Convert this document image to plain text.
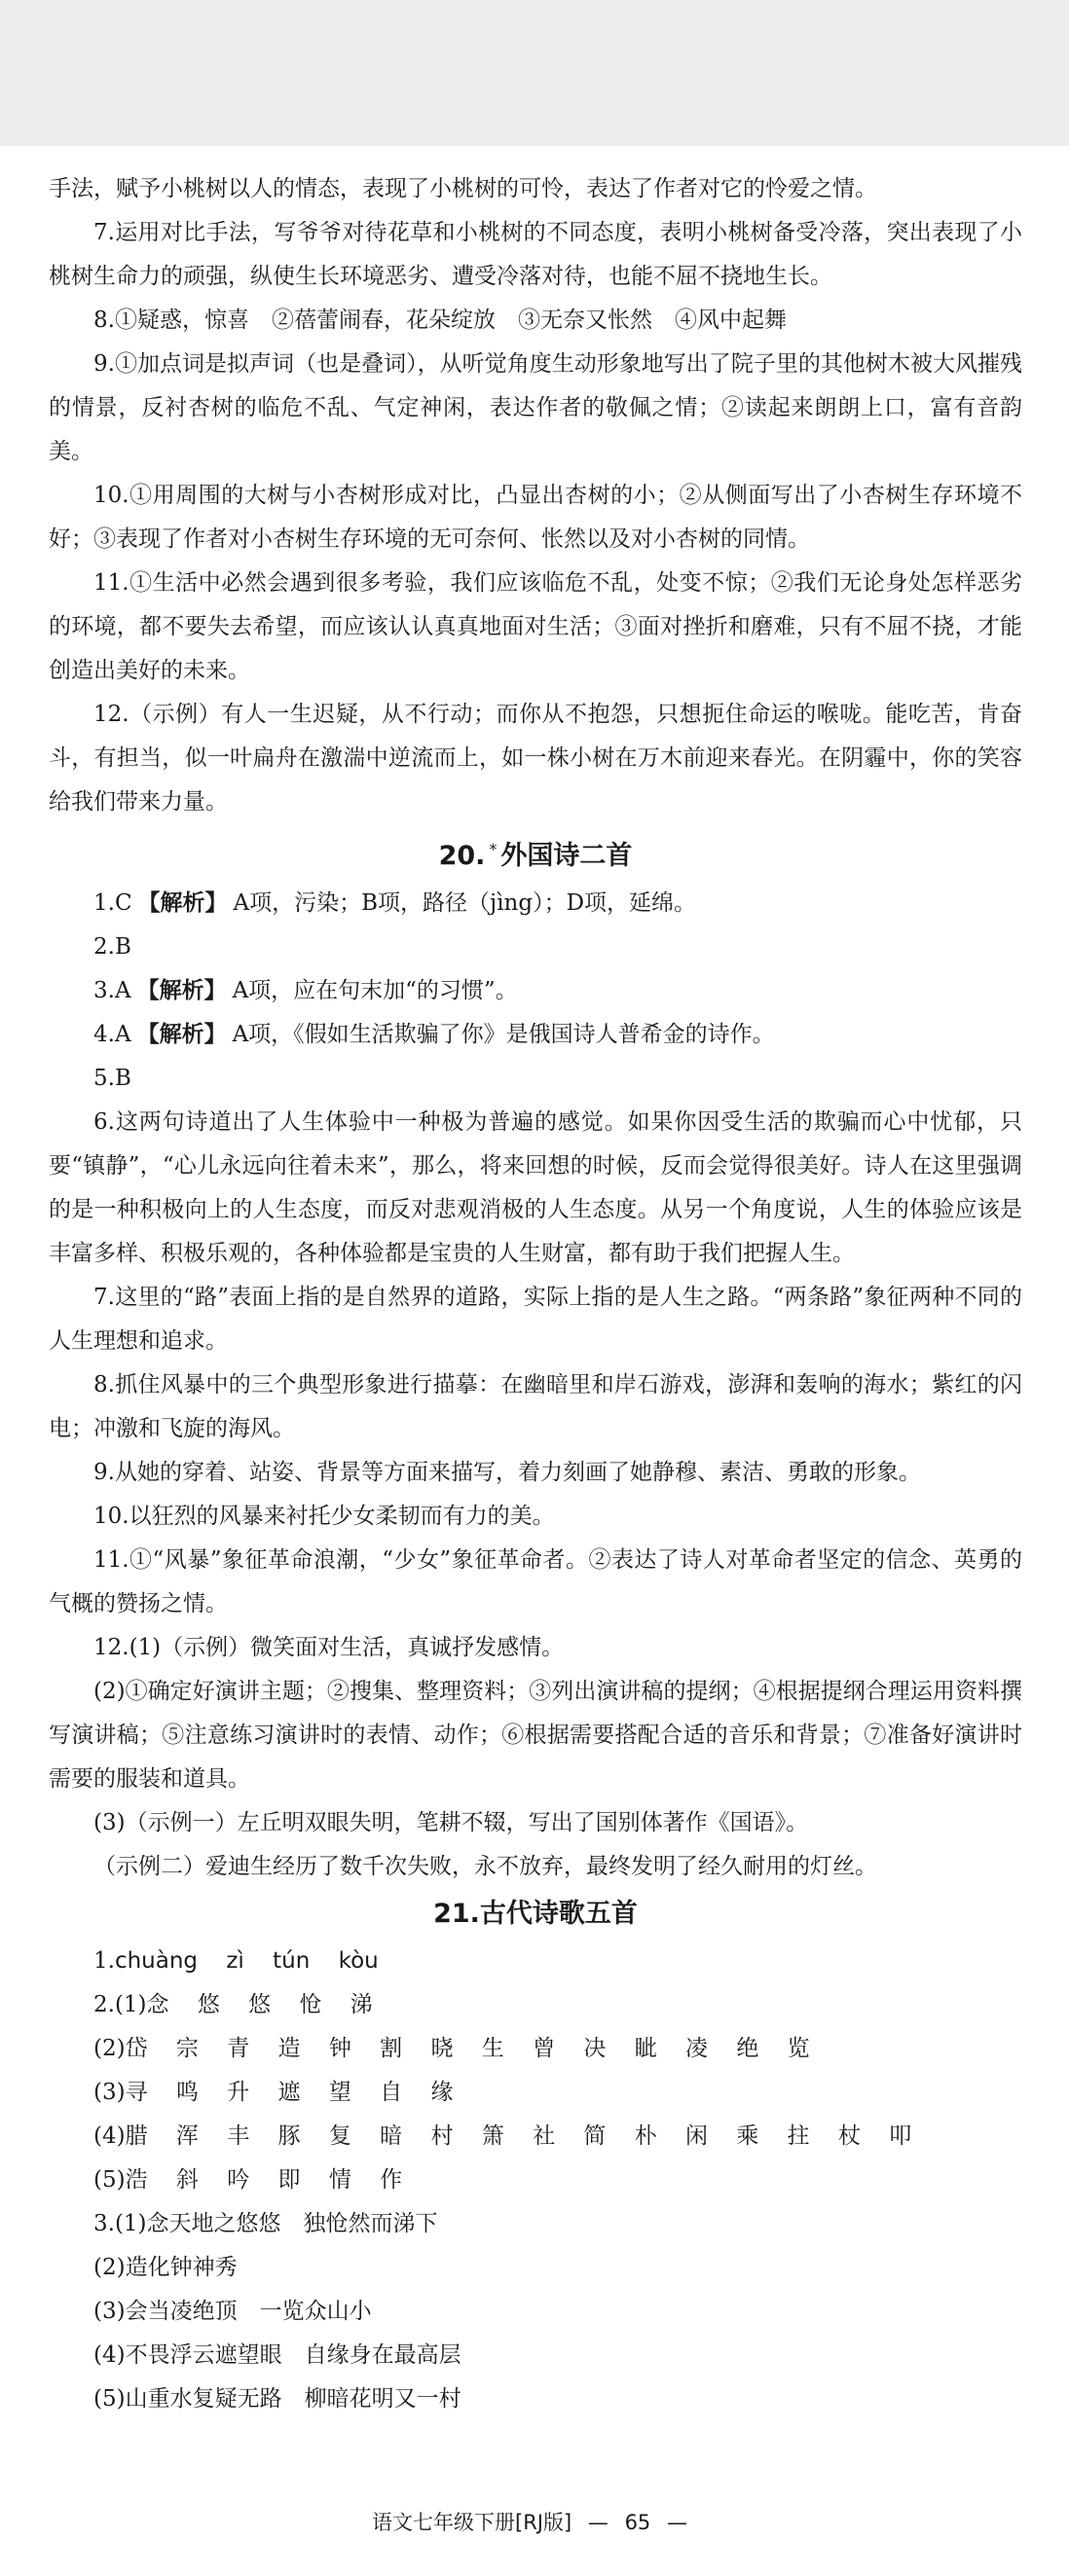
手法，赋予小桃树以人的情态，表现了小桃树的可怜，表达了作者对它的怜爱之情。

7.运用对比手法，写爷爷对待花草和小桃树的不同态度，表明小桃树备受冷落，突出表现了小桃树生命力的顽强，纵使生长环境恶劣、遭受冷落对待，也能不屈不挠地生长。

8.①疑惑，惊喜　②蓓蕾闹春，花朵绽放　③无奈又怅然　④风中起舞

9.①加点词是拟声词（也是叠词），从听觉角度生动形象地写出了院子里的其他树木被大风摧残的情景，反衬杏树的临危不乱、气定神闲，表达作者的敬佩之情；②读起来朗朗上口，富有音韵美。

10.①用周围的大树与小杏树形成对比，凸显出杏树的小；②从侧面写出了小杏树生存环境不好；③表现了作者对小杏树生存环境的无可奈何、怅然以及对小杏树的同情。

11.①生活中必然会遇到很多考验，我们应该临危不乱，处变不惊；②我们无论身处怎样恶劣的环境，都不要失去希望，而应该认认真真地面对生活；③面对挫折和磨难，只有不屈不挠，才能创造出美好的未来。

12.（示例）有人一生迟疑，从不行动；而你从不抱怨，只想扼住命运的喉咙。能吃苦，肯奋斗，有担当，似一叶扁舟在激湍中逆流而上，如一株小树在万木前迎来春光。在阴霾中，你的笑容给我们带来力量。

20. * 外国诗二首

1.C 【解析】 A项，污染；B项，路径（jìng）；D项，延绵。

2.B

3.A 【解析】 A项，应在句末加“的习惯”。

4.A 【解析】 A项，《假如生活欺骗了你》是俄国诗人普希金的诗作。

5.B

6.这两句诗道出了人生体验中一种极为普遍的感觉。如果你因受生活的欺骗而心中忧郁，只要“镇静”，“心儿永远向往着未来”，那么，将来回想的时候，反而会觉得很美好。诗人在这里强调的是一种积极向上的人生态度，而反对悲观消极的人生态度。从另一个角度说，人生的体验应该是丰富多样、积极乐观的，各种体验都是宝贵的人生财富，都有助于我们把握人生。

7.这里的“路”表面上指的是自然界的道路，实际上指的是人生之路。“两条路”象征两种不同的人生理想和追求。

8.抓住风暴中的三个典型形象进行描摹：在幽暗里和岸石游戏，澎湃和轰响的海水；紫红的闪电；冲激和飞旋的海风。

9.从她的穿着、站姿、背景等方面来描写，着力刻画了她静穆、素洁、勇敢的形象。

10.以狂烈的风暴来衬托少女柔韧而有力的美。

11.①“风暴”象征革命浪潮，“少女”象征革命者。②表达了诗人对革命者坚定的信念、英勇的气概的赞扬之情。

12.(1)（示例）微笑面对生活，真诚抒发感情。

(2)①确定好演讲主题；②搜集、整理资料；③列出演讲稿的提纲；④根据提纲合理运用资料撰写演讲稿；⑤注意练习演讲时的表情、动作；⑥根据需要搭配合适的音乐和背景；⑦准备好演讲时需要的服装和道具。

(3)（示例一）左丘明双眼失明，笔耕不辍，写出了国别体著作《国语》。

（示例二）爱迪生经历了数千次失败，永不放弃，最终发明了经久耐用的灯丝。

21.古代诗歌五首

1.chuàng zì tún kòu

2.(1)念 悠 悠 怆 涕

(2)岱 宗 青 造 钟 割 晓 生 曾 决 眦 凌 绝 览

(3)寻 鸣 升 遮 望 自 缘

(4)腊 浑 丰 豚 复 暗 村 箫 社 简 朴 闲 乘 拄 杖 叩

(5)浩 斜 吟 即 情 作

3.(1)念天地之悠悠　独怆然而涕下

(2)造化钟神秀

(3)会当凌绝顶　一览众山小

(4)不畏浮云遮望眼　自缘身在最高层

(5)山重水复疑无路　柳暗花明又一村

语文七年级下册[RJ版] — 65 —
